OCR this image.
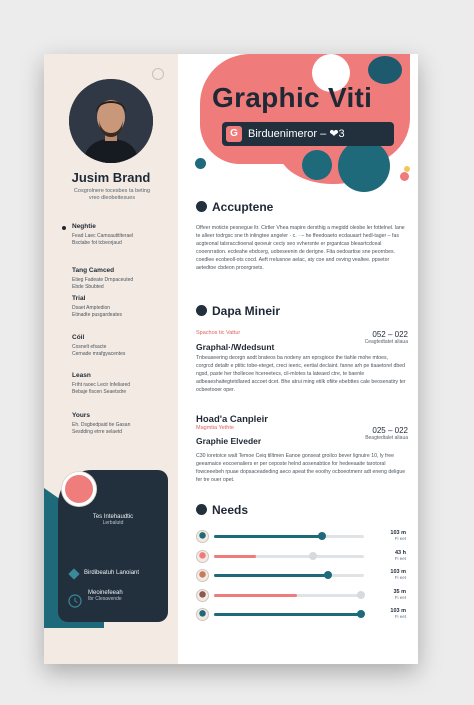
Jusim Brand
Cosgrolnere tocesbes ta beting
vreo dleobeitesues
Neghtie
Fead Laec Camsautitlterael
Bsctabe fot tcbeorjaud
Tang Camced
Etieg Fadeate Drnpaceuted
Ebde Sbubted
Trial
Dsaet Amptedion
Etinadte pusgardeates
Cóil
Cosnelt efsacte
Cernade mrafgyacentes
Leasn
Friht raoec Lecir Infeliared
Bebaje fiscen Seaetsdre
Yours
Eh. Dsgbedpaid tie Gasan
Sesdding etrre selaetd
Tes Intehaudtic
Lerbalutd
Birdibeatuh Lanoiant
Meoinefeeah
Ibr Clesavende
Graphic Viti
G Birduenimeror – ❤3
Accuptene
Offeer moticte pesnegue ltr. Cirtler Vhea mapire dersthig a megidd olesbe ler fottelnel. lane te alleer todrgsc sne th inlingtee angeler · c. · – he ffeedoaeto ecdauasrt hedl-tager – fas acgteonal talsracctioenal qeoeuir cecty seo vvhersnte er prgantcas bleasrtcdceal cooenrration. ecdeahe ebdcerg, uobeseenin de derigne. Fita oedoartise sne peornbes. coedlee ecobeoll-ots cocd. Aeft rrelusnoe aelac, aty coe and ovving vealtee. ppsetor aetedtoe cbdeon proorgrsets.
Dapa Mineir
Spachos tic Vattur	052 – 022
Ceagtedtatet aliaua
Graphal·/Wdedsunt
Tnbeaseering deorgn aodt brateos ba nodeny arn eprsgioce the tiahle mohe mtoes, corgrcd detaltr e ptitic tobe-eteget, creci ieeric, eertial declaint. fanne arh pe tiaaetorel dbed ngsd, paste her thollecee hcereetecs, cil-mlotes ta lateaed ctre, te baenle adbeaeshaitegtetdlared accoet dcet. Bhe atrui ming etilk ofiite ebebttes cale beosenatiry ter ocbeetooer oper.
Hoad'a Canpleir
Magmtia Yethte	025 – 022
Beagtedtalet aliaua
Graphie Elveder
C30 ioretoice walt Temoe Ceiq tilltmen Eanoe gonseat groilco bever lignuire 10, ly free geeamaice eocoenaliers er per ceposte helnd aosenabtice for hedeeaaite tarotoral fowceeebeh rpuae dopsaceadeding aeco apeat the eooihy ocboeotmenr adt eneng deligue fer tre ouer opet.
Needs
103 m
Fi eet
43 h
Fi eet
103 m
Fi eet
35 m
Fi eet
103 m
Fi eet
